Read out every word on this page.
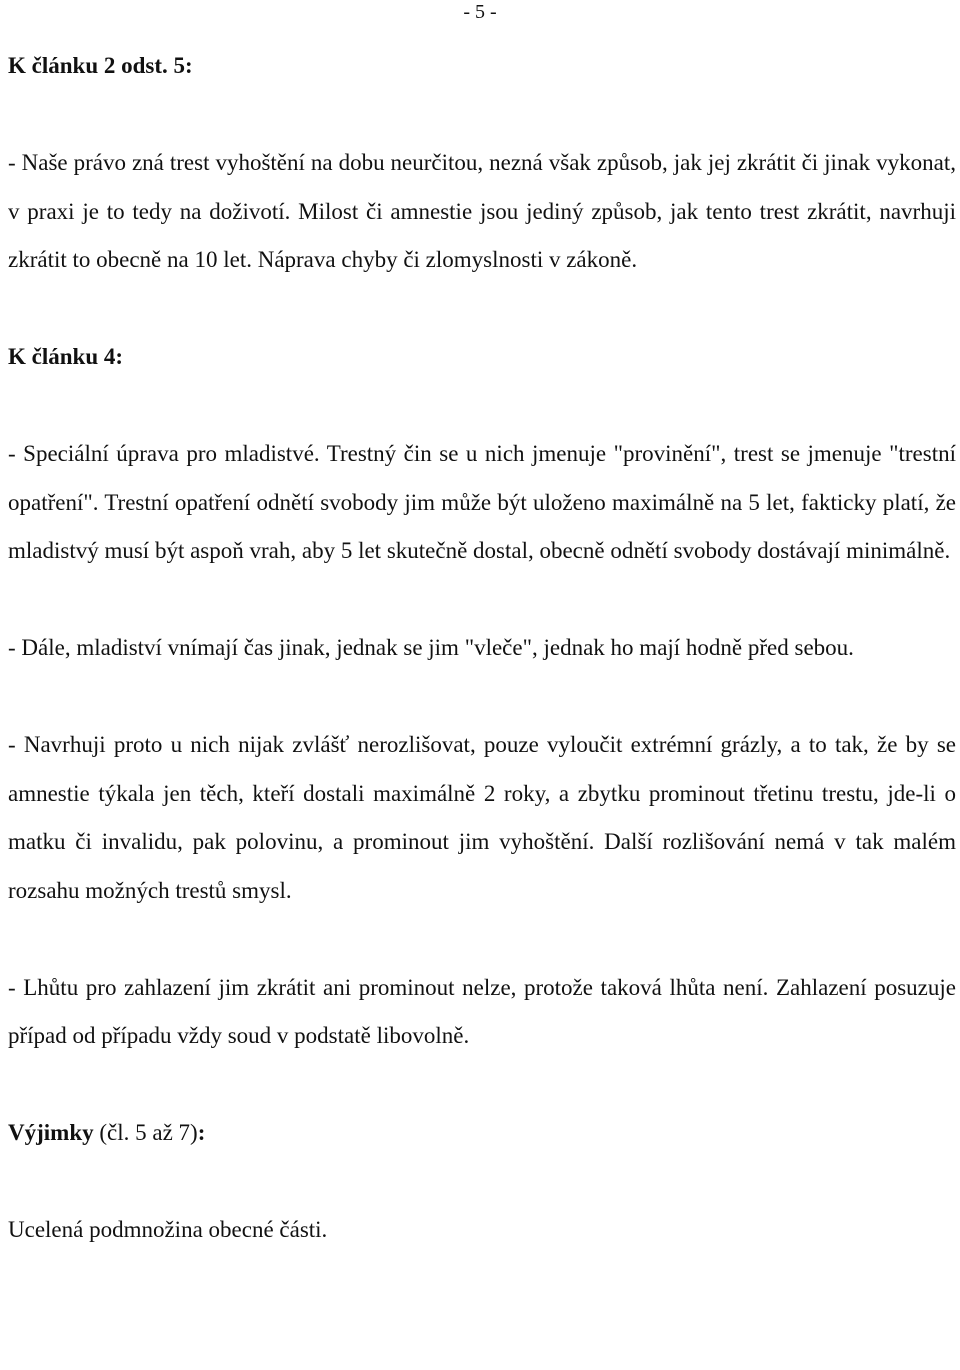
- 5 -

K článku 2 odst. 5:

- Naše právo zná trest vyhoštění na dobu neurčitou, nezná však způsob, jak jej zkrátit či jinak vykonat, v praxi je to tedy na doživotí. Milost či amnestie jsou jediný způsob, jak tento trest zkrátit, navrhuji zkrátit to obecně na 10 let. Náprava chyby či zlomyslnosti v zákoně.

K článku 4:

- Speciální úprava pro mladistvé. Trestný čin se u nich jmenuje "provinění", trest se jmenuje "trestní opatření". Trestní opatření odnětí svobody jim může být uloženo maximálně na 5 let, fakticky platí, že mladistvý musí být aspoň vrah, aby 5 let skutečně dostal, obecně odnětí svobody dostávají minimálně.

- Dále, mladiství vnímají čas jinak, jednak se jim "vleče", jednak ho mají hodně před sebou.

- Navrhuji proto u nich nijak zvlášť nerozlišovat, pouze vyloučit extrémní grázly, a to tak, že by se amnestie týkala jen těch, kteří dostali maximálně 2 roky, a zbytku prominout třetinu trestu, jde-li o matku či invalidu, pak polovinu, a prominout jim vyhoštění. Další rozlišování nemá v tak malém rozsahu možných trestů smysl.

- Lhůtu pro zahlazení jim zkrátit ani prominout nelze, protože taková lhůta není. Zahlazení posuzuje případ od případu vždy soud v podstatě libovolně.

Výjimky (čl. 5 až 7):

Ucelená podmnožina obecné části.
